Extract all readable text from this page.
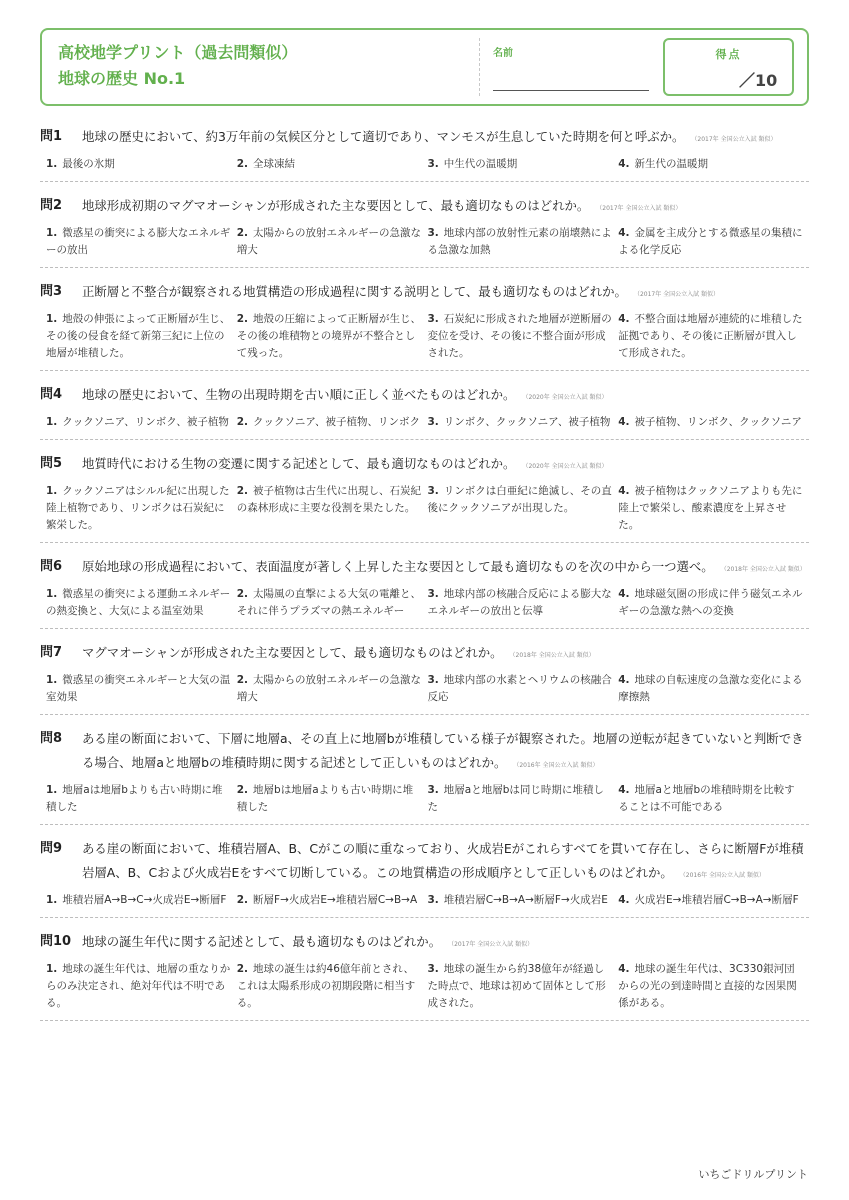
高校地学プリント（過去問類似）
地球の歴史 No.1
名前	得点
／10
問1 地球の歴史において、約3万年前の気候区分として適切であり、マンモスが生息していた時期を何と呼ぶか。 （2017年 全国公立入試 類似）
1. 最後の氷期	2. 全球凍結	3. 中生代の温暖期	4. 新生代の温暖期
問2 地球形成初期のマグマオーシャンが形成された主な要因として、最も適切なものはどれか。 （2017年 全国公立入試 類似）
1. 微惑星の衝突による膨大なエネルギーの放出
2. 太陽からの放射エネルギーの急激な増大
3. 地球内部の放射性元素の崩壊熱による急激な加熱
4. 金属を主成分とする微惑星の集積による化学反応
問3 正断層と不整合が観察される地質構造の形成過程に関する説明として、最も適切なものはどれか。 （2017年 全国公立入試 類似）
1. 地殻の伸張によって正断層が生じ、その後の侵食を経て新第三紀に上位の地層が堆積した。
2. 地殻の圧縮によって正断層が生じ、その後の堆積物との境界が不整合として残った。
3. 石炭紀に形成された地層が逆断層の変位を受け、その後に不整合面が形成された。
4. 不整合面は地層が連続的に堆積した証拠であり、その後に正断層が貫入して形成された。
問4 地球の歴史において、生物の出現時期を古い順に正しく並べたものはどれか。 （2020年 全国公立入試 類似）
1. クックソニア、リンボク、被子植物 2. クックソニア、被子植物、リンボク 3. リンボク、クックソニア、被子植物 4. 被子植物、リンボク、クックソニア
問5 地質時代における生物の変遷に関する記述として、最も適切なものはどれか。 （2020年 全国公立入試 類似）
1. クックソニアはシルル紀に出現した陸上植物であり、リンボクは石炭紀に繁栄した。
2. 被子植物は古生代に出現し、石炭紀の森林形成に主要な役割を果たした。
3. リンボクは白亜紀に絶滅し、その直後にクックソニアが出現した。
4. 被子植物はクックソニアよりも先に陸上で繁栄し、酸素濃度を上昇させた。
問6 原始地球の形成過程において、表面温度が著しく上昇した主な要因として最も適切なものを次の中から一つ選べ。 （2018年 全国公立入試 類似）
1. 微惑星の衝突による運動エネルギーの熱変換と、大気による温室効果
2. 太陽風の直撃による大気の電離と、それに伴うプラズマの熱エネルギー
3. 地球内部の核融合反応による膨大なエネルギーの放出と伝導
4. 地球磁気圏の形成に伴う磁気エネルギーの急激な熱への変換
問7 マグマオーシャンが形成された主な要因として、最も適切なものはどれか。 （2018年 全国公立入試 類似）
1. 微惑星の衝突エネルギーと大気の温室効果
2. 太陽からの放射エネルギーの急激な増大
3. 地球内部の水素とヘリウムの核融合反応
4. 地球の自転速度の急激な変化による摩擦熱
問8 ある崖の断面において、下層に地層a、その直上に地層bが堆積している様子が観察された。地層の逆転が起きていないと判断できる場合、地層aと地層bの堆積時期に関する記述として正しいものはどれか。 （2016年 全国公立入試 類似）
1. 地層aは地層bよりも古い時期に堆積した
2. 地層bは地層aよりも古い時期に堆積した
3. 地層aと地層bは同じ時期に堆積した
4. 地層aと地層bの堆積時期を比較することは不可能である
問9 ある崖の断面において、堆積岩層A、B、Cがこの順に重なっており、火成岩Eがこれらすべてを貫いて存在し、さらに断層Fが堆積岩層A、B、Cおよび火成岩Eをすべて切断している。この地質構造の形成順序として正しいものはどれか。 （2016年 全国公立入試 類似）
1. 堆積岩層A→B→C→火成岩E→断層F 2. 断層F→火成岩E→堆積岩層C→B→A 3. 堆積岩層C→B→A→断層F→火成岩E 4. 火成岩E→堆積岩層C→B→A→断層F
問10 地球の誕生年代に関する記述として、最も適切なものはどれか。 （2017年 全国公立入試 類似）
1. 地球の誕生年代は、地層の重なりからのみ決定され、絶対年代は不明である。
2. 地球の誕生は約46億年前とされ、これは太陽系形成の初期段階に相当する。
3. 地球の誕生から約38億年が経過した時点で、地球は初めて固体として形成された。
4. 地球の誕生年代は、3C330銀河団からの光の到達時間と直接的な因果関係がある。
いちごドリルプリント
